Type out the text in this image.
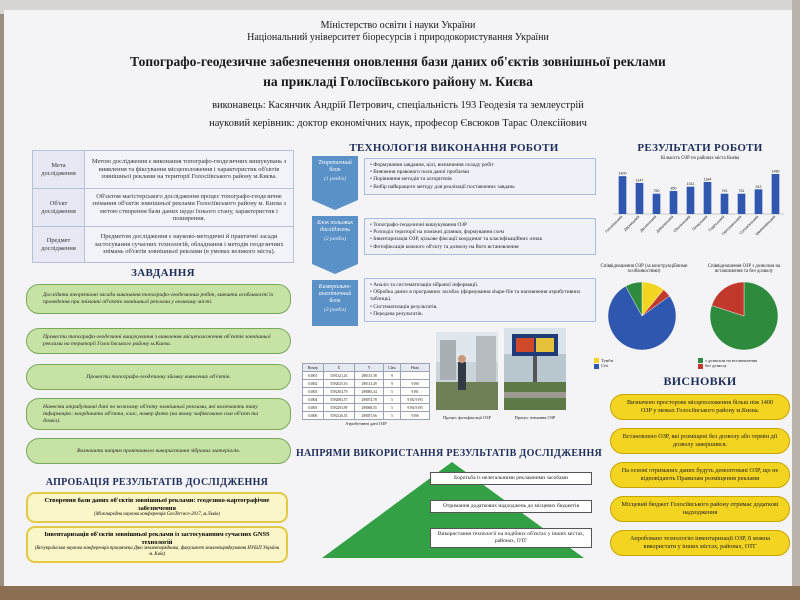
Міністерство освіти і науки України
Національний університет біоресурсів і природокористування України
Топографо-геодезичне забезпечення оновлення бази даних об'єктів зовнішньої реклами
на прикладі Голосіївського району м. Києва
виконавець: Касянчик Андрій Петрович, спеціальність 193 Геодезія та землеустрій
науковий керівник: доктор економічних наук, професор Євсюков Тарас Олексійович
Мета дослідження	Метою дослідження є виконання топографо-геодезичних вишукувань з виявлення та фіксування місцеположення і характеристик об'єктів зовнішньої реклами на території Голосіївського району м.Києва.
Об'єкт дослідження	Об'єктом магістерського дослідження процес топографо-геодезичне знімання об'єктів зовнішньої реклами Голосіївського району м. Києва з метою створення бази даних щодо їхнього стану, характеристик і поширення.
Предмет дослідження	Предметом дослідження є науково-методичні й практичні засади застосування сучасних технологій, обладнання і методів геодезичних знімань об'єктів зовнішньої реклами (в умовах великого міста).
ЗАВДАННЯ
Дослідити теоретичні засади виконання топографо-геодезичних робіт, вивчити особливості їх проведення при зніманні об'єктів зовнішньої реклами у великому місті.
Провести топографо-геодезичні вишукування з виявлення місцеположення об'єктів зовнішньої реклами на території Голосіївського району м.Києва.
Провести топографо-геодезичну зйомку виявлених об'єктів.
Нанести атрибутивні дані по кожному об'єкту зовнішньої реклами, які включають таку інформацію: координати об'єкта, клас, номер фото (на якому зафіксовано сам об'єкт та дозвіл).
Визначити напрям практичного використання зібраних матеріалів.
АПРОБАЦІЯ РЕЗУЛЬТАТІВ ДОСЛІДЖЕННЯ
Створення бази даних об'єктів зовнішньої реклами: геодезико-картографічне забезпечення
(Міжнародна наукова конференція GeoTerrace-2017, м.Львів)
Інвентаризація об'єктів зовнішньої реклами із застосуванням сучасних GNSS технологій
(Всеукраїнська наукова конференція присвячена Дню землевпорядника, факультет землевпорядкування НУБіП України м. Київ)
ТЕХНОЛОГІЯ ВИКОНАННЯ РОБОТИ
Теоретичний блок
(1 розділ)
• Формування завдання, цілі, визначення складу робіт
• Вивчення правового поля даної проблеми
• Порівняння методів та алгоритмів
• Вибір найкращого методу для реалізації поставлених завдань
Блок польових досліджень
(2 розділ)
• Топографо-геодезичні вишукування ОЗР
• Розподіл території на поміжні ділянки, формування схем
• Інвентаризація ОЗР, цільове фіксації координат та класифікаційних ознак
• Фотофіксація кожного об'єкту та дозволу на його встановлення
Камерально-аналітичний блок
(3 розділ)
• Аналіз та систематизація зібраної інформації.
• Обробка даних в програмних засобах (формування shape-file та наповнення атрибутивних таблиць).
• Систематизація результатів.
• Передача результатів.
Номер	X	Y	Class	Photo
63001	5591321,43	298115,38	9	
63002	5592025,16	298113,49	9	9190
63003	5592304,79	298083,34	5	9191
63004	5592083,57	298074,78	5	9192 9193
63005	5592293,99	298068,55	5	9194 9195
63006	5592126,55	298057,66	5	9196
Атрибутивні дані ОЗР
Процес фотофіксації ОЗР	Процес знімання ОЗР
НАПРЯМИ ВИКОРИСТАННЯ РЕЗУЛЬТАТІВ ДОСЛІДЖЕННЯ
Боротьба із нелегальними рекламними засобами
Отримання додаткових надходжень до місцевих бюджетів
Використання технології на подібних об'єктах у інших містах, районах, ОТГ
РЕЗУЛЬТАТИ РОБОТИ
Кількість ОЗР по районах міста Києва
1400
Голосіївський
1147
Дарницький
750
Деснянський
850
Дніпровський
1011
Оболонський
1184
Печерський
751
Подільський
751
Святошинський
912
Солом'янський
1480
Шевченківський
Співвідношення ОЗР (за конструкційними особливостями)
Тумби
Сіті
Співвідношення ОЗР з дозволом на встановлення та без дозволу
з дозволом на встановлення
без дозволу
ВИСНОВКИ
Визначено просторове місцеположення більш ніж 1400 ОЗР у межах Голосіївського району м.Києва.
Встановлено ОЗР, які розміщені без дозволу або термін дії дозволу завершився.
На основі отриманих даних будуть демонтовані ОЗР, що не відповідають Правилам розміщення реклами
Місцевий бюджет Голосіївського району отримає додаткові надходження
Апробовано технологію інвентаризації ОЗР, її можна використати у інших містах, районах, ОТГ
